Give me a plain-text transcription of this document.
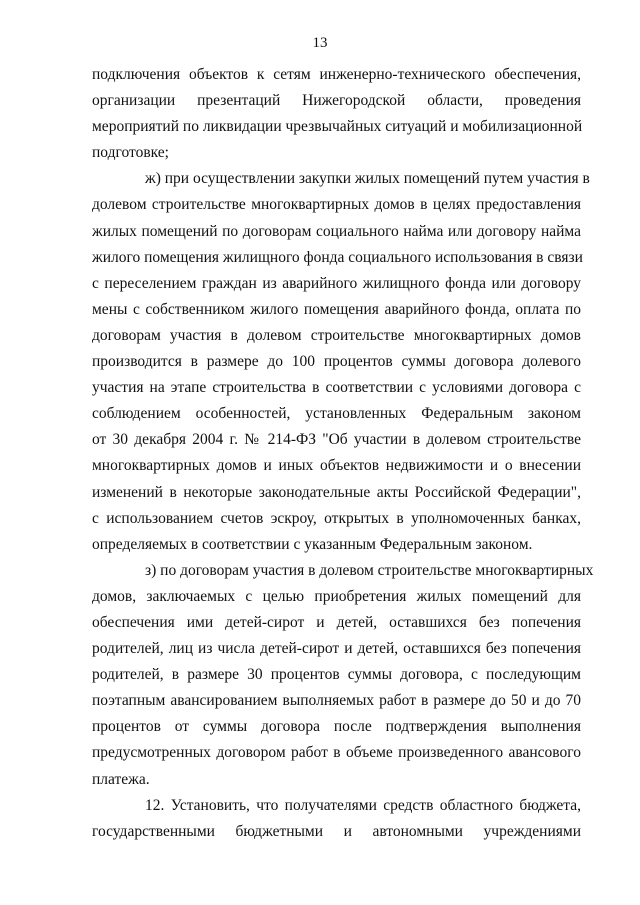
13
подключения объектов к сетям инженерно-технического обеспечения,
организации презентаций Нижегородской области, проведения
мероприятий по ликвидации чрезвычайных ситуаций и мобилизационной
подготовке;
ж) при осуществлении закупки жилых помещений путем участия в
долевом строительстве многоквартирных домов в целях предоставления
жилых помещений по договорам социального найма или договору найма
жилого помещения жилищного фонда социального использования в связи
с переселением граждан из аварийного жилищного фонда или договору
мены с собственником жилого помещения аварийного фонда, оплата по
договорам участия в долевом строительстве многоквартирных домов
производится в размере до 100 процентов суммы договора долевого
участия на этапе строительства в соответствии с условиями договора с
соблюдением особенностей, установленных Федеральным законом
от 30 декабря 2004 г. № 214-ФЗ "Об участии в долевом строительстве
многоквартирных домов и иных объектов недвижимости и о внесении
изменений в некоторые законодательные акты Российской Федерации",
с использованием счетов эскроу, открытых в уполномоченных банках,
определяемых в соответствии с указанным Федеральным законом.
з) по договорам участия в долевом строительстве многоквартирных
домов, заключаемых с целью приобретения жилых помещений для
обеспечения ими детей-сирот и детей, оставшихся без попечения
родителей, лиц из числа детей-сирот и детей, оставшихся без попечения
родителей, в размере 30 процентов суммы договора, с последующим
поэтапным авансированием выполняемых работ в размере до 50 и до 70
процентов от суммы договора после подтверждения выполнения
предусмотренных договором работ в объеме произведенного авансового
платежа.
12. Установить, что получателями средств областного бюджета,
государственными бюджетными и автономными учреждениями
